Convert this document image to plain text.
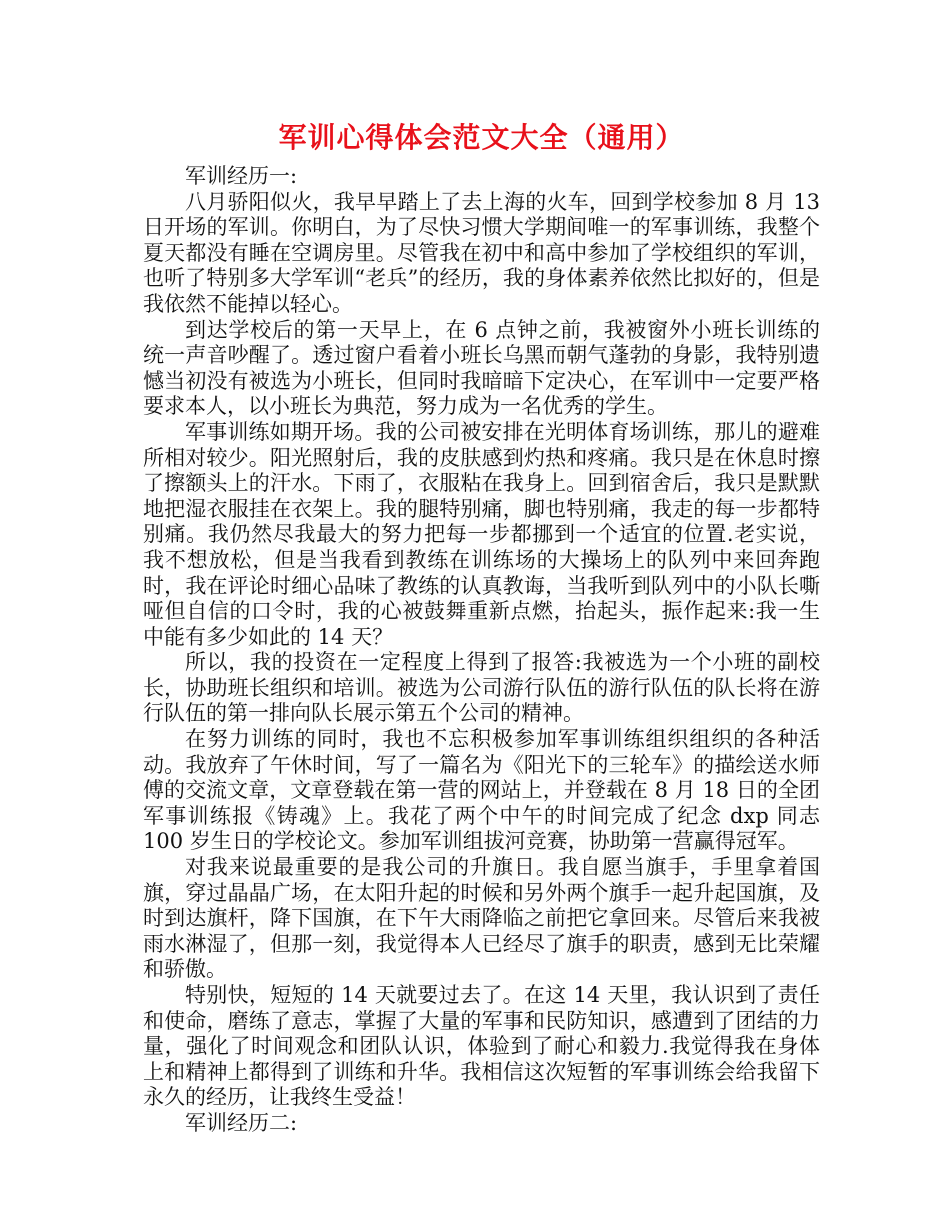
军训心得体会范文大全（通用）

军训经历一:

八月骄阳似火，我早早踏上了去上海的火车，回到学校参加 8 月 13 日开场的军训。你明白，为了尽快习惯大学期间唯一的军事训练，我整个夏天都没有睡在空调房里。尽管我在初中和高中参加了学校组织的军训，也听了特别多大学军训“老兵”的经历，我的身体素养依然比拟好的，但是我依然不能掉以轻心。

到达学校后的第一天早上，在 6 点钟之前，我被窗外小班长训练的统一声音吵醒了。透过窗户看着小班长乌黑而朝气蓬勃的身影，我特别遗憾当初没有被选为小班长，但同时我暗暗下定决心，在军训中一定要严格要求本人，以小班长为典范，努力成为一名优秀的学生。

军事训练如期开场。我的公司被安排在光明体育场训练，那儿的避难所相对较少。阳光照射后，我的皮肤感到灼热和疼痛。我只是在休息时擦了擦额头上的汗水。下雨了，衣服粘在我身上。回到宿舍后，我只是默默地把湿衣服挂在衣架上。我的腿特别痛，脚也特别痛，我走的每一步都特别痛。我仍然尽我最大的努力把每一步都挪到一个适宜的位置.老实说，我不想放松，但是当我看到教练在训练场的大操场上的队列中来回奔跑时，我在评论时细心品味了教练的认真教诲，当我听到队列中的小队长嘶哑但自信的口令时，我的心被鼓舞重新点燃，抬起头，振作起来:我一生中能有多少如此的 14 天？

所以，我的投资在一定程度上得到了报答:我被选为一个小班的副校长，协助班长组织和培训。被选为公司游行队伍的游行队伍的队长将在游行队伍的第一排向队长展示第五个公司的精神。

在努力训练的同时，我也不忘积极参加军事训练组织组织的各种活动。我放弃了午休时间，写了一篇名为《阳光下的三轮车》的描绘送水师傅的交流文章，文章登载在第一营的网站上，并登载在 8 月 18 日的全团军事训练报《铸魂》上。我花了两个中午的时间完成了纪念 dxp 同志 100 岁生日的学校论文。参加军训组拔河竞赛，协助第一营赢得冠军。

对我来说最重要的是我公司的升旗日。我自愿当旗手，手里拿着国旗，穿过晶晶广场，在太阳升起的时候和另外两个旗手一起升起国旗，及时到达旗杆，降下国旗，在下午大雨降临之前把它拿回来。尽管后来我被雨水淋湿了，但那一刻，我觉得本人已经尽了旗手的职责，感到无比荣耀和骄傲。

特别快，短短的 14 天就要过去了。在这 14 天里，我认识到了责任和使命，磨练了意志，掌握了大量的军事和民防知识，感遭到了团结的力量，强化了时间观念和团队认识，体验到了耐心和毅力.我觉得我在身体上和精神上都得到了训练和升华。我相信这次短暂的军事训练会给我留下永久的经历，让我终生受益！

军训经历二:
